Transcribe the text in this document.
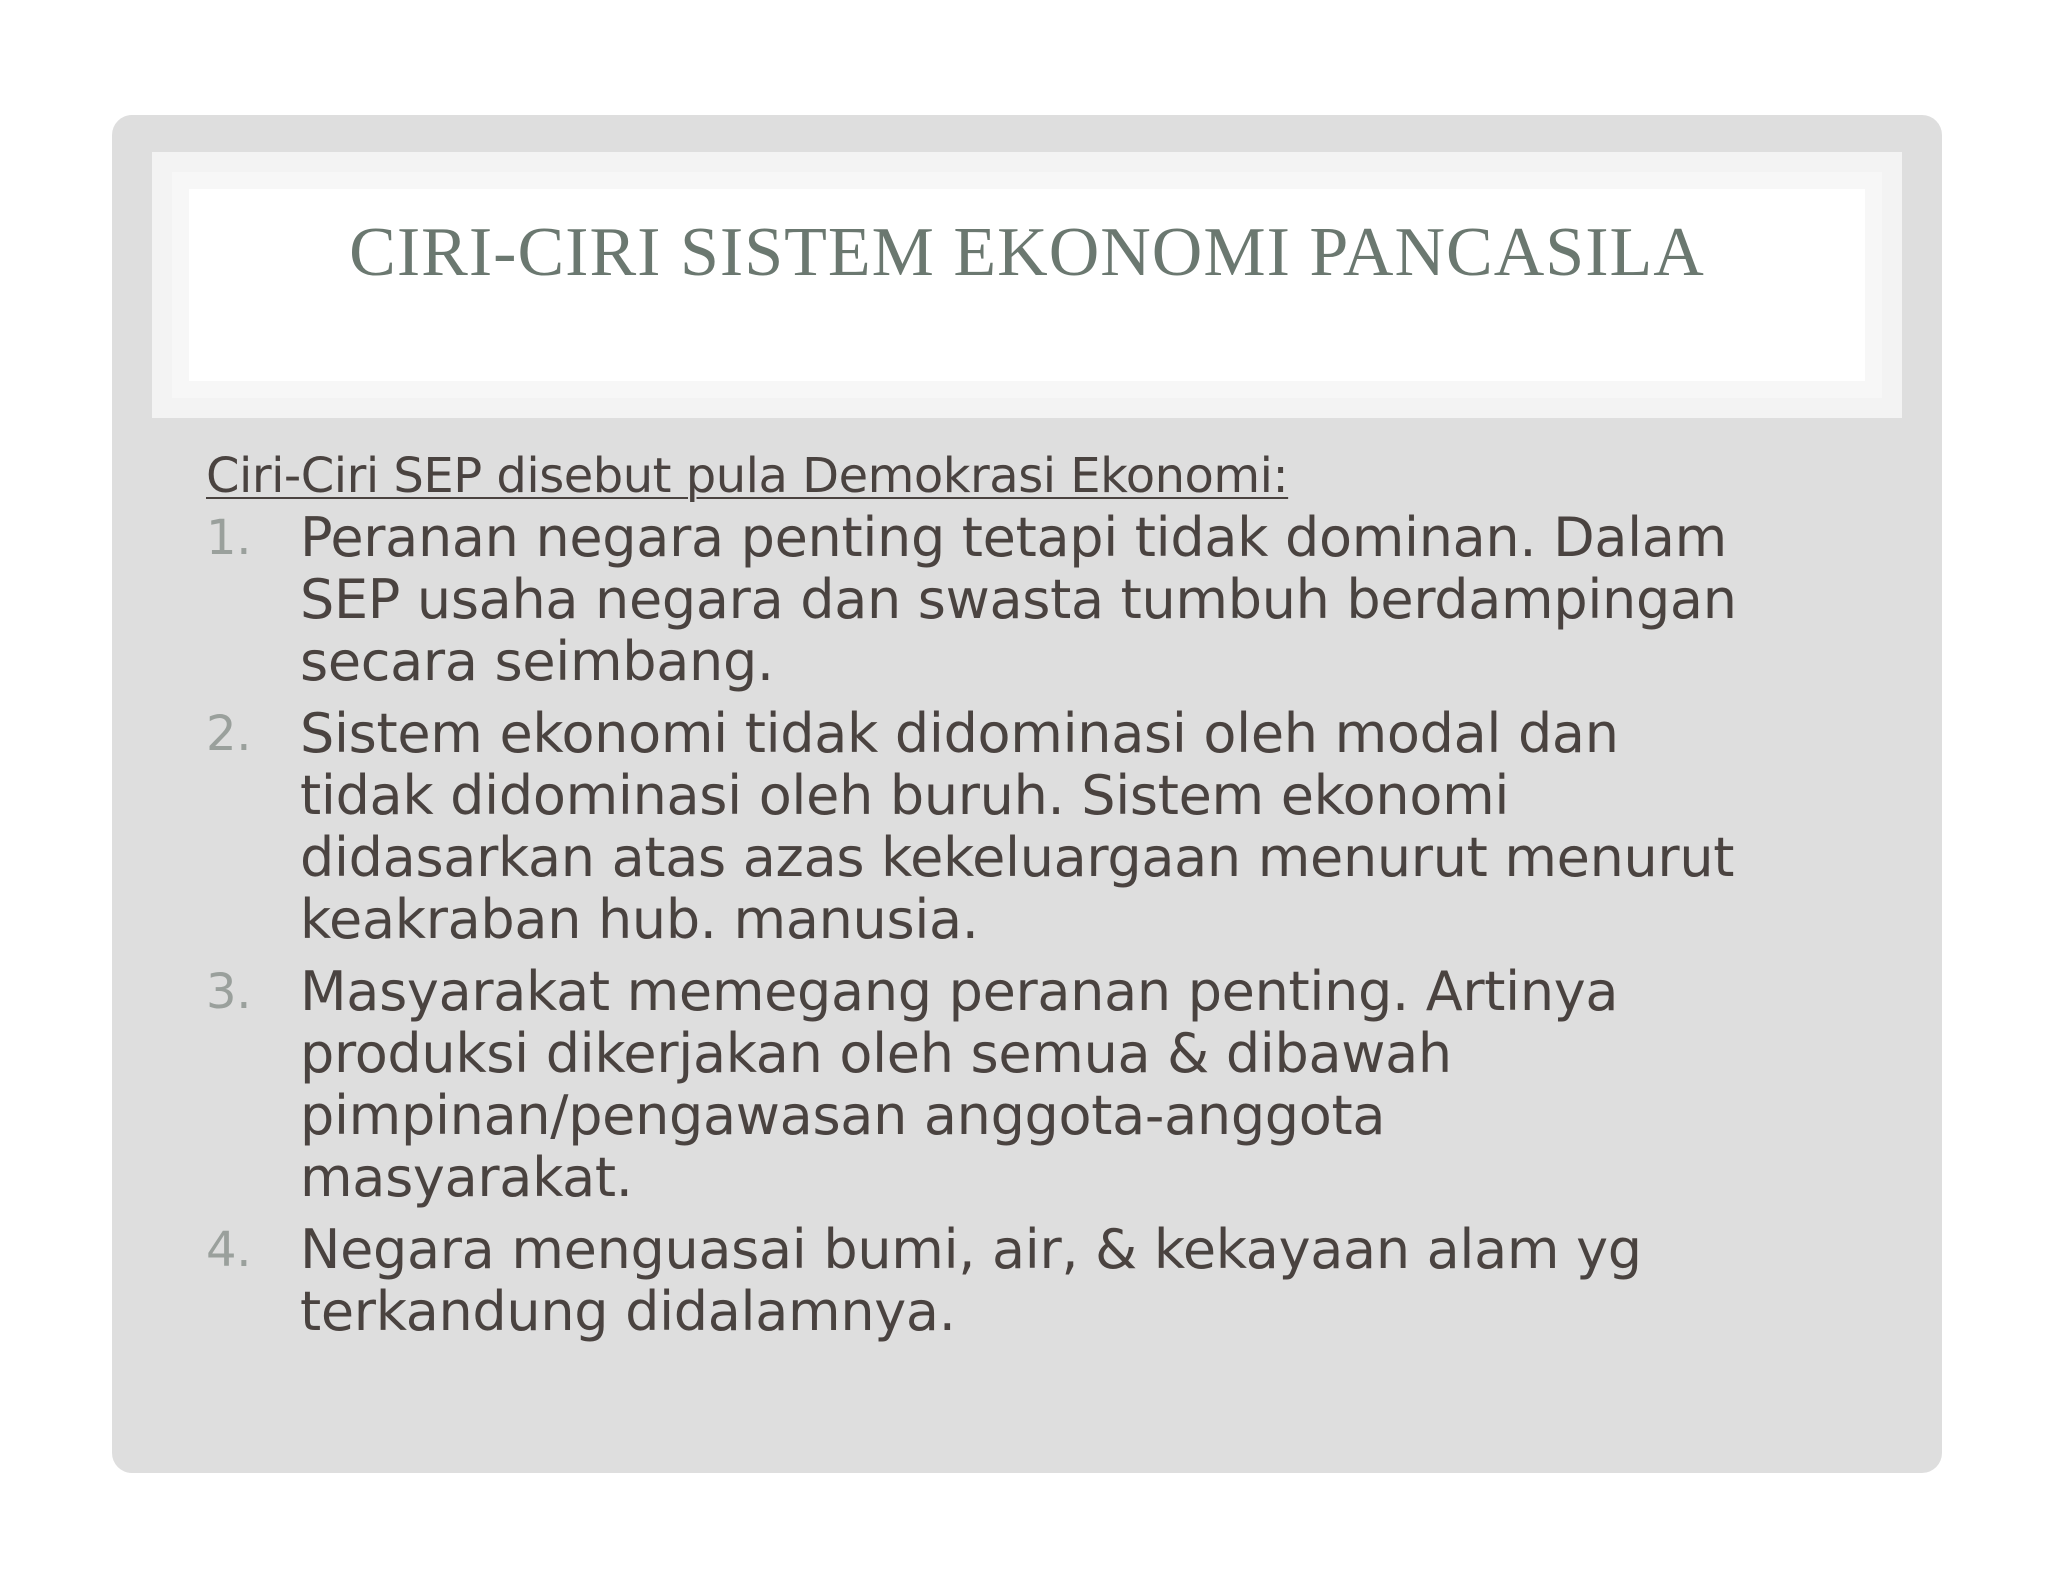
CIRI-CIRI SISTEM EKONOMI PANCASILA
Ciri-Ciri SEP disebut pula Demokrasi Ekonomi:
1. Peranan negara penting tetapi tidak dominan. Dalam
SEP usaha negara dan swasta tumbuh berdampingan
secara seimbang.
2. Sistem ekonomi tidak didominasi oleh modal dan
tidak didominasi oleh buruh. Sistem ekonomi
didasarkan atas azas kekeluargaan menurut menurut
keakraban hub. manusia.
3. Masyarakat memegang peranan penting. Artinya
produksi dikerjakan oleh semua & dibawah
pimpinan/pengawasan anggota-anggota
masyarakat.
4. Negara menguasai bumi, air, & kekayaan alam yg
terkandung didalamnya.
